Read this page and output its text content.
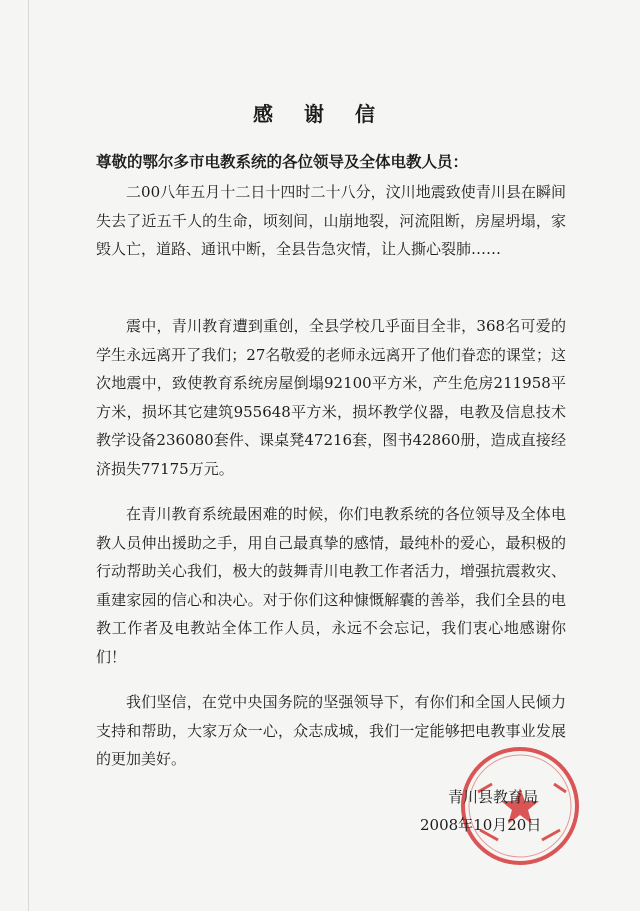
感 谢 信
尊敬的鄂尔多市电教系统的各位领导及全体电教人员：
二00八年五月十二日十四时二十八分，汶川地震致使青川县在瞬间失去了近五千人的生命，顷刻间，山崩地裂，河流阻断，房屋坍塌，家毁人亡，道路、通讯中断，全县告急灾情，让人撕心裂肺……
震中，青川教育遭到重创，全县学校几乎面目全非，368名可爱的学生永远离开了我们；27名敬爱的老师永远离开了他们眷恋的课堂；这次地震中，致使教育系统房屋倒塌92100平方米，产生危房211958平方米，损坏其它建筑955648平方米，损坏教学仪器，电教及信息技术教学设备236080套件、课桌凳47216套，图书42860册，造成直接经济损失77175万元。
在青川教育系统最困难的时候，你们电教系统的各位领导及全体电教人员伸出援助之手，用自己最真挚的感情，最纯朴的爱心，最积极的行动帮助关心我们，极大的鼓舞青川电教工作者活力，增强抗震救灾、重建家园的信心和决心。对于你们这种慷慨解囊的善举，我们全县的电教工作者及电教站全体工作人员，永远不会忘记，我们衷心地感谢你们！
我们坚信，在党中央国务院的坚强领导下，有你们和全国人民倾力支持和帮助，大家万众一心，众志成城，我们一定能够把电教事业发展的更加美好。
青川县教育局
2008年10月20日
